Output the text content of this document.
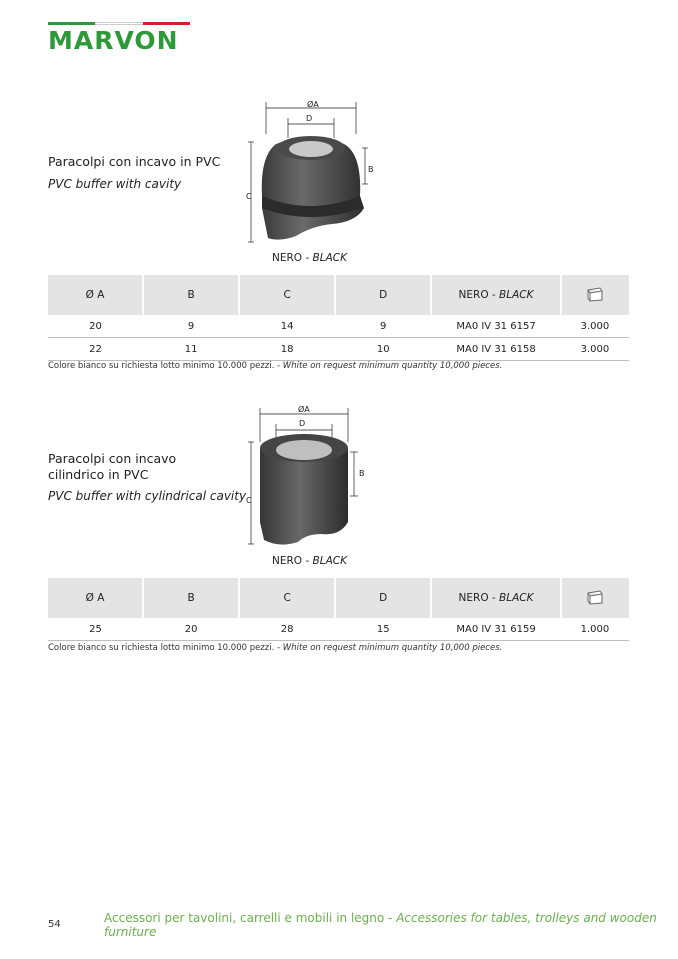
MARVON
Paracolpi con incavo in PVC
PVC buffer with cavity
ØA
D
B
C
NERO - BLACK
Ø A	B	C	D	NERO - BLACK	
20	9	14	9	MA0 IV 31 6157	3.000
22	11	18	10	MA0 IV 31 6158	3.000
Colore bianco su richiesta lotto minimo 10.000 pezzi. - White on request minimum quantity 10,000 pieces.
Paracolpi con incavo cilindrico in PVC
PVC buffer with cylindrical cavity
ØA
D
B
C
NERO - BLACK
Ø A	B	C	D	NERO - BLACK	
25	20	28	15	MA0 IV 31 6159	1.000
Colore bianco su richiesta lotto minimo 10.000 pezzi. - White on request minimum quantity 10,000 pieces.
54	Accessori per tavolini, carrelli e mobili in legno - Accessories for tables, trolleys and wooden furniture
